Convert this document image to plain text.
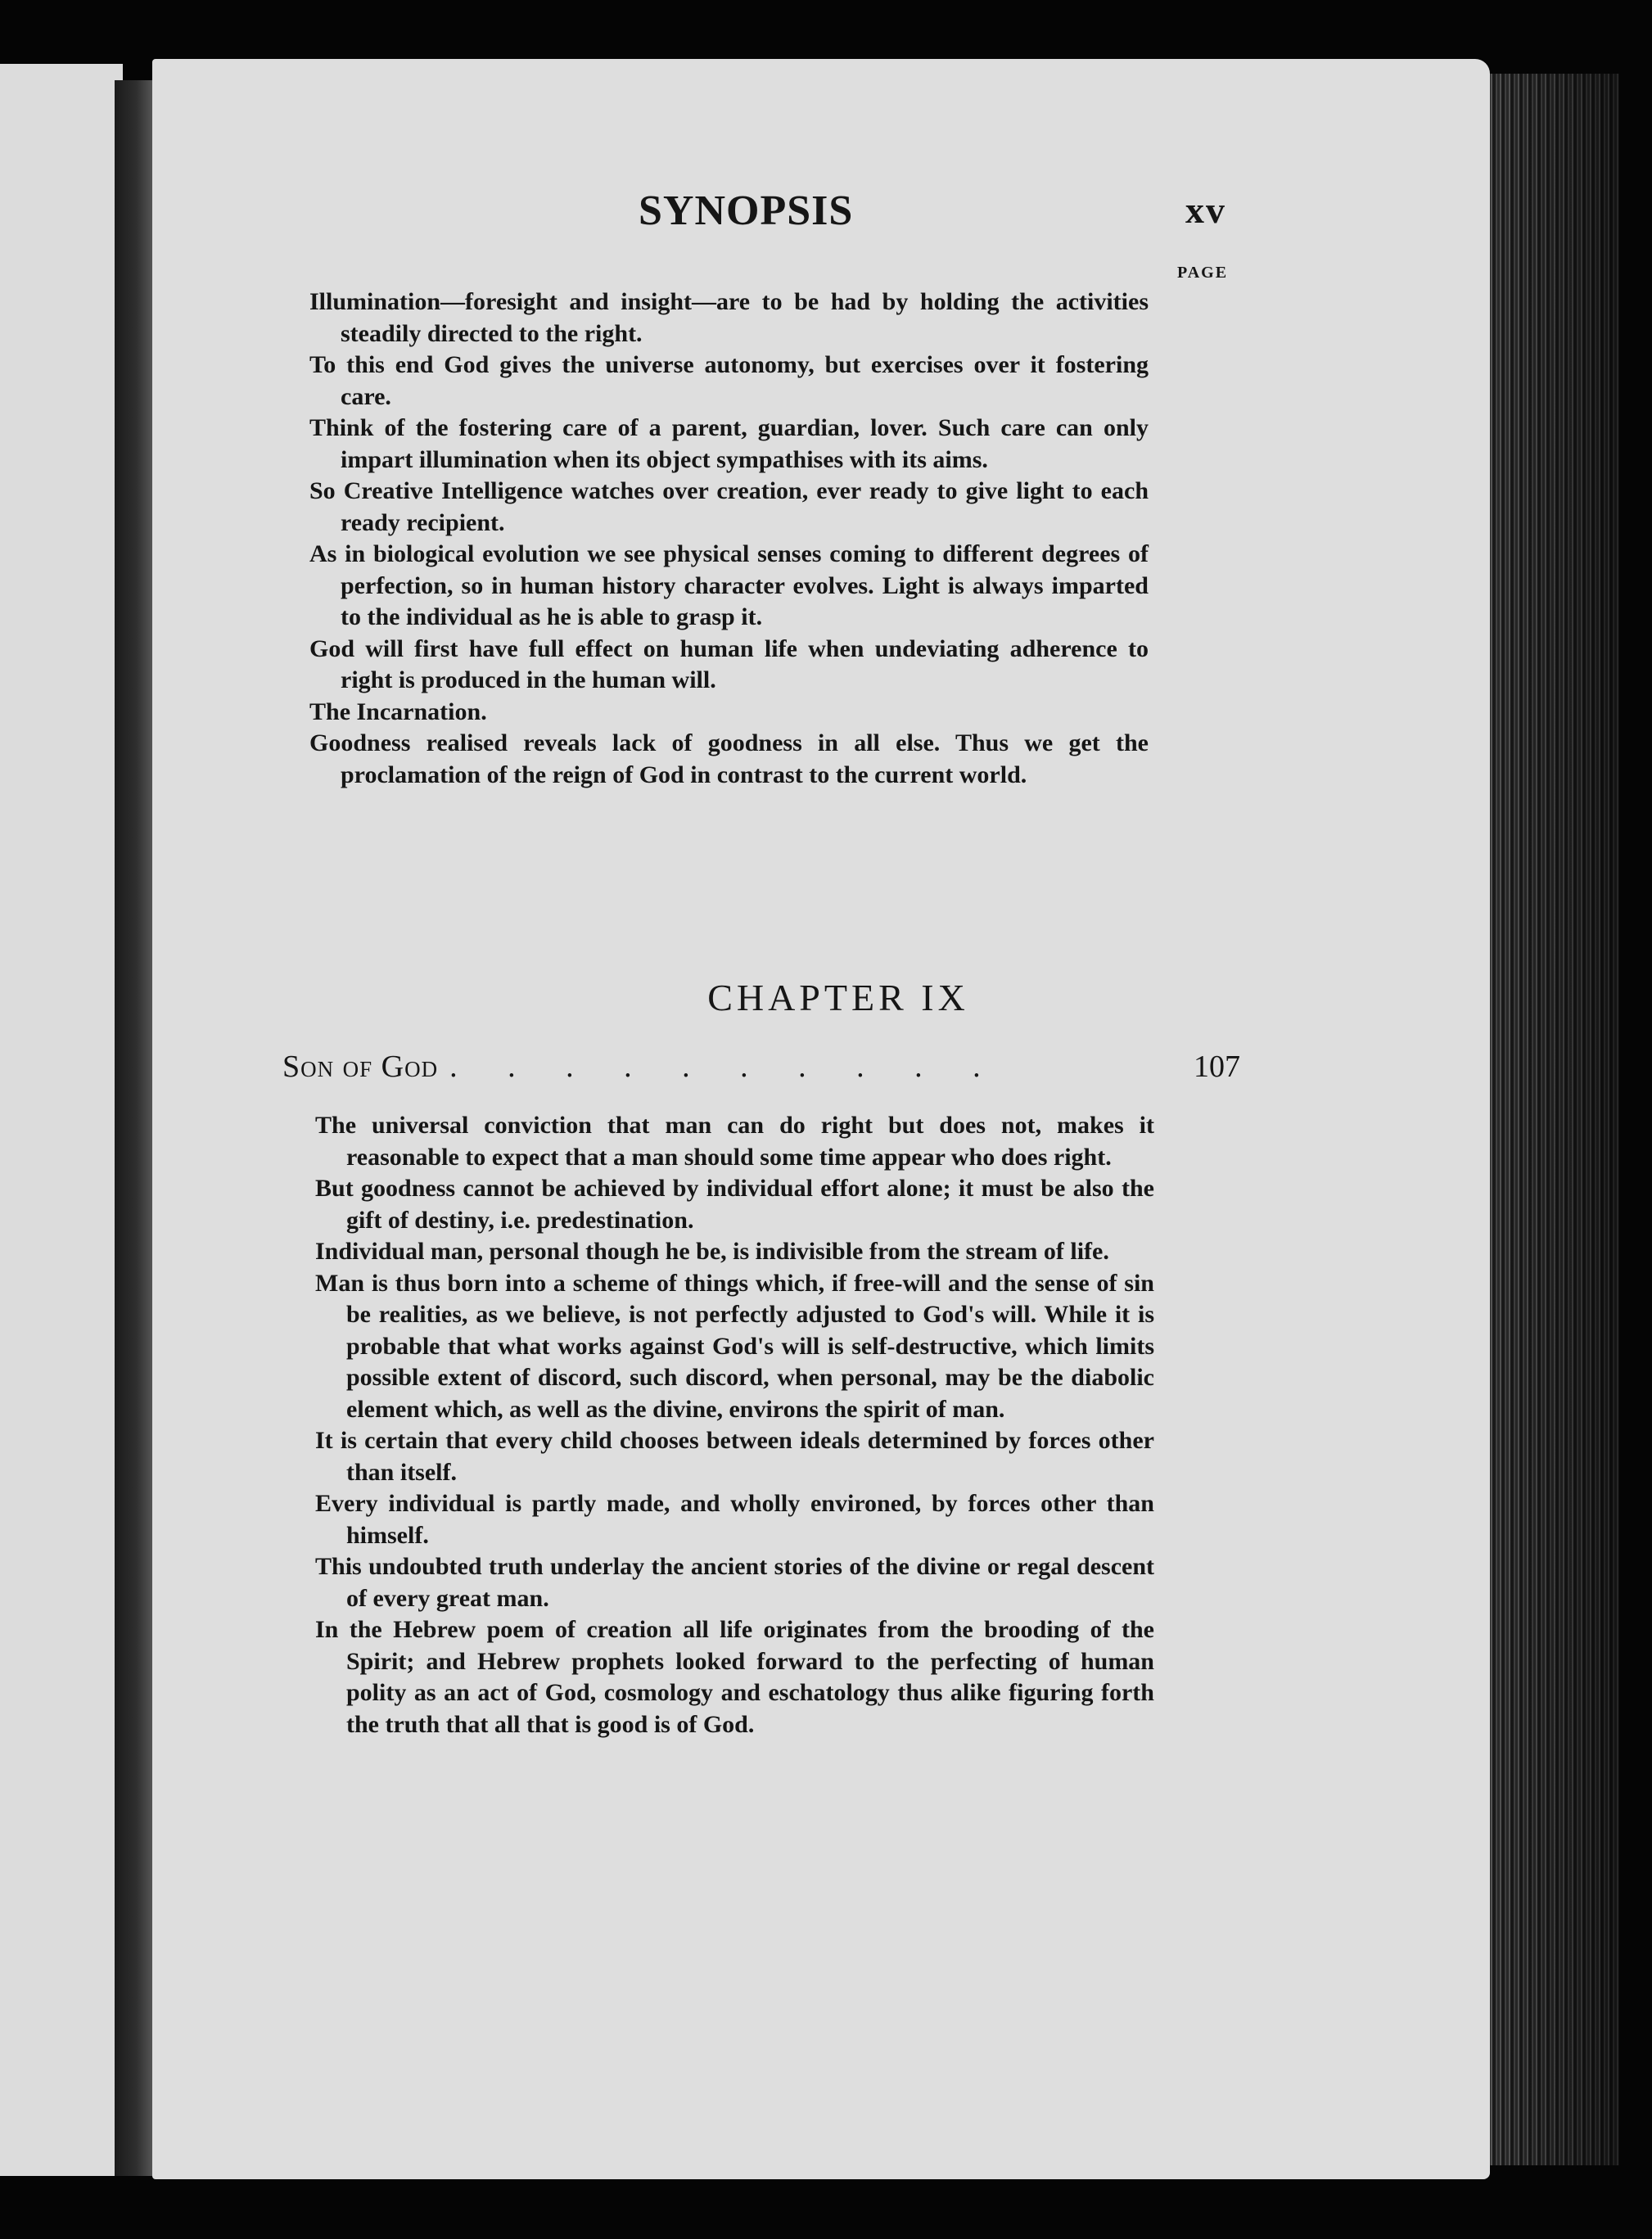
SYNOPSIS	xv
PAGE

Illumination—foresight and insight—are to be had by holding the activities steadily directed to the right.

To this end God gives the universe autonomy, but exercises over it fostering care.

Think of the fostering care of a parent, guardian, lover. Such care can only impart illumination when its object sympathises with its aims.

So Creative Intelligence watches over creation, ever ready to give light to each ready recipient.

As in biological evolution we see physical senses coming to different degrees of perfection, so in human history character evolves. Light is always imparted to the individual as he is able to grasp it.

God will first have full effect on human life when undeviating adherence to right is produced in the human will.

The Incarnation.

Goodness realised reveals lack of goodness in all else. Thus we get the proclamation of the reign of God in contrast to the current world.

CHAPTER IX
Son of God . . . . . . . . . .	107

The universal conviction that man can do right but does not, makes it reasonable to expect that a man should some time appear who does right.

But goodness cannot be achieved by individual effort alone; it must be also the gift of destiny, i.e. predestination.

Individual man, personal though he be, is indivisible from the stream of life.

Man is thus born into a scheme of things which, if free-will and the sense of sin be realities, as we believe, is not perfectly adjusted to God's will. While it is probable that what works against God's will is self-destructive, which limits possible extent of discord, such discord, when personal, may be the diabolic element which, as well as the divine, environs the spirit of man.

It is certain that every child chooses between ideals determined by forces other than itself.

Every individual is partly made, and wholly environed, by forces other than himself.

This undoubted truth underlay the ancient stories of the divine or regal descent of every great man.

In the Hebrew poem of creation all life originates from the brooding of the Spirit; and Hebrew prophets looked forward to the perfecting of human polity as an act of God, cosmology and eschatology thus alike figuring forth the truth that all that is good is of God.
